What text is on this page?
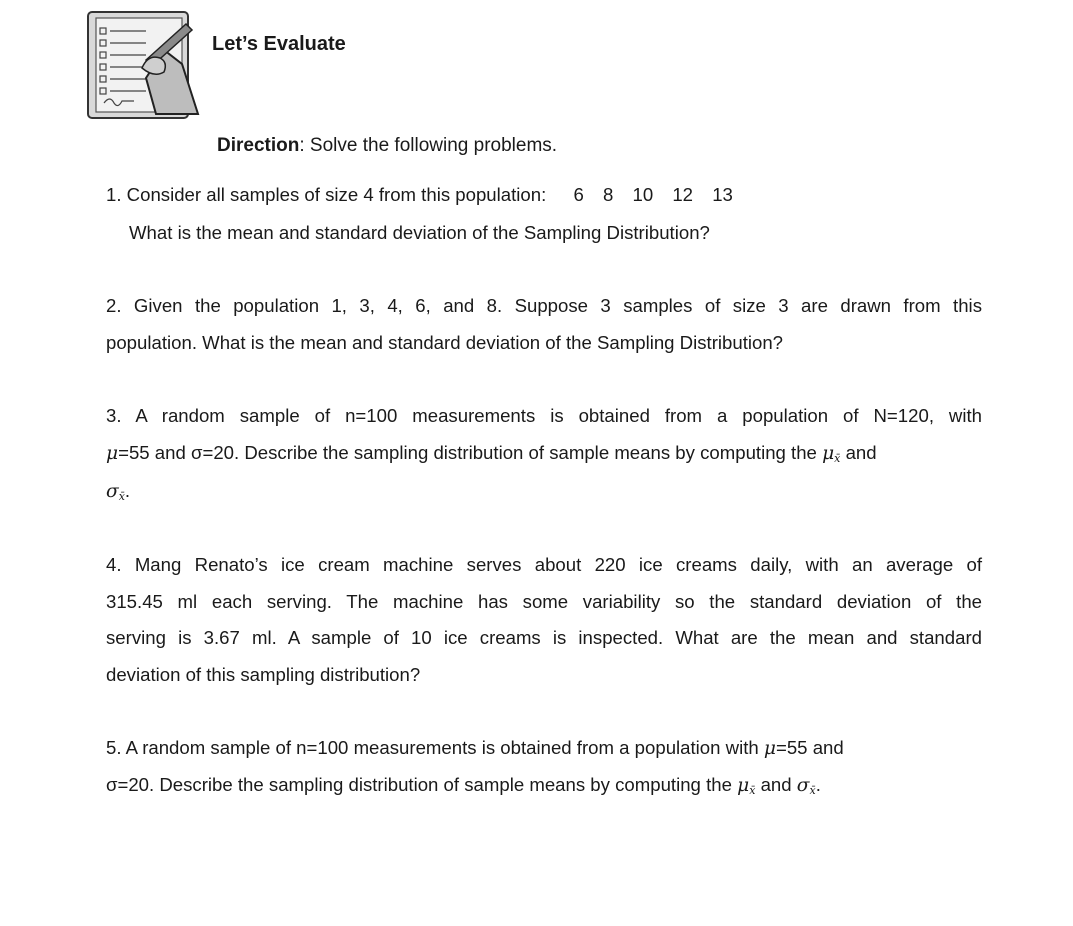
Let’s Evaluate
Direction: Solve the following problems.
1. Consider all samples of size 4 from this population: 6 8 10 12 13
What is the mean and standard deviation of the Sampling Distribution?
2. Given the population 1, 3, 4, 6, and 8. Suppose 3 samples of size 3 are drawn from this
population. What is the mean and standard deviation of the Sampling Distribution?
3. A random sample of n=100 measurements is obtained from a population of N=120, with
μ=55 and σ=20. Describe the sampling distribution of sample means by computing the $\mu_{x̄}$ and
$\sigma_{x̄}$.
4. Mang Renato’s ice cream machine serves about 220 ice creams daily, with an average of
315.45 ml each serving. The machine has some variability so the standard deviation of the
serving is 3.67 ml. A sample of 10 ice creams is inspected. What are the mean and standard
deviation of this sampling distribution?
5. A random sample of n=100 measurements is obtained from a population with μ=55 and
σ=20. Describe the sampling distribution of sample means by computing the $\mu_{x̄}$ and $\sigma_{x̄}$.
